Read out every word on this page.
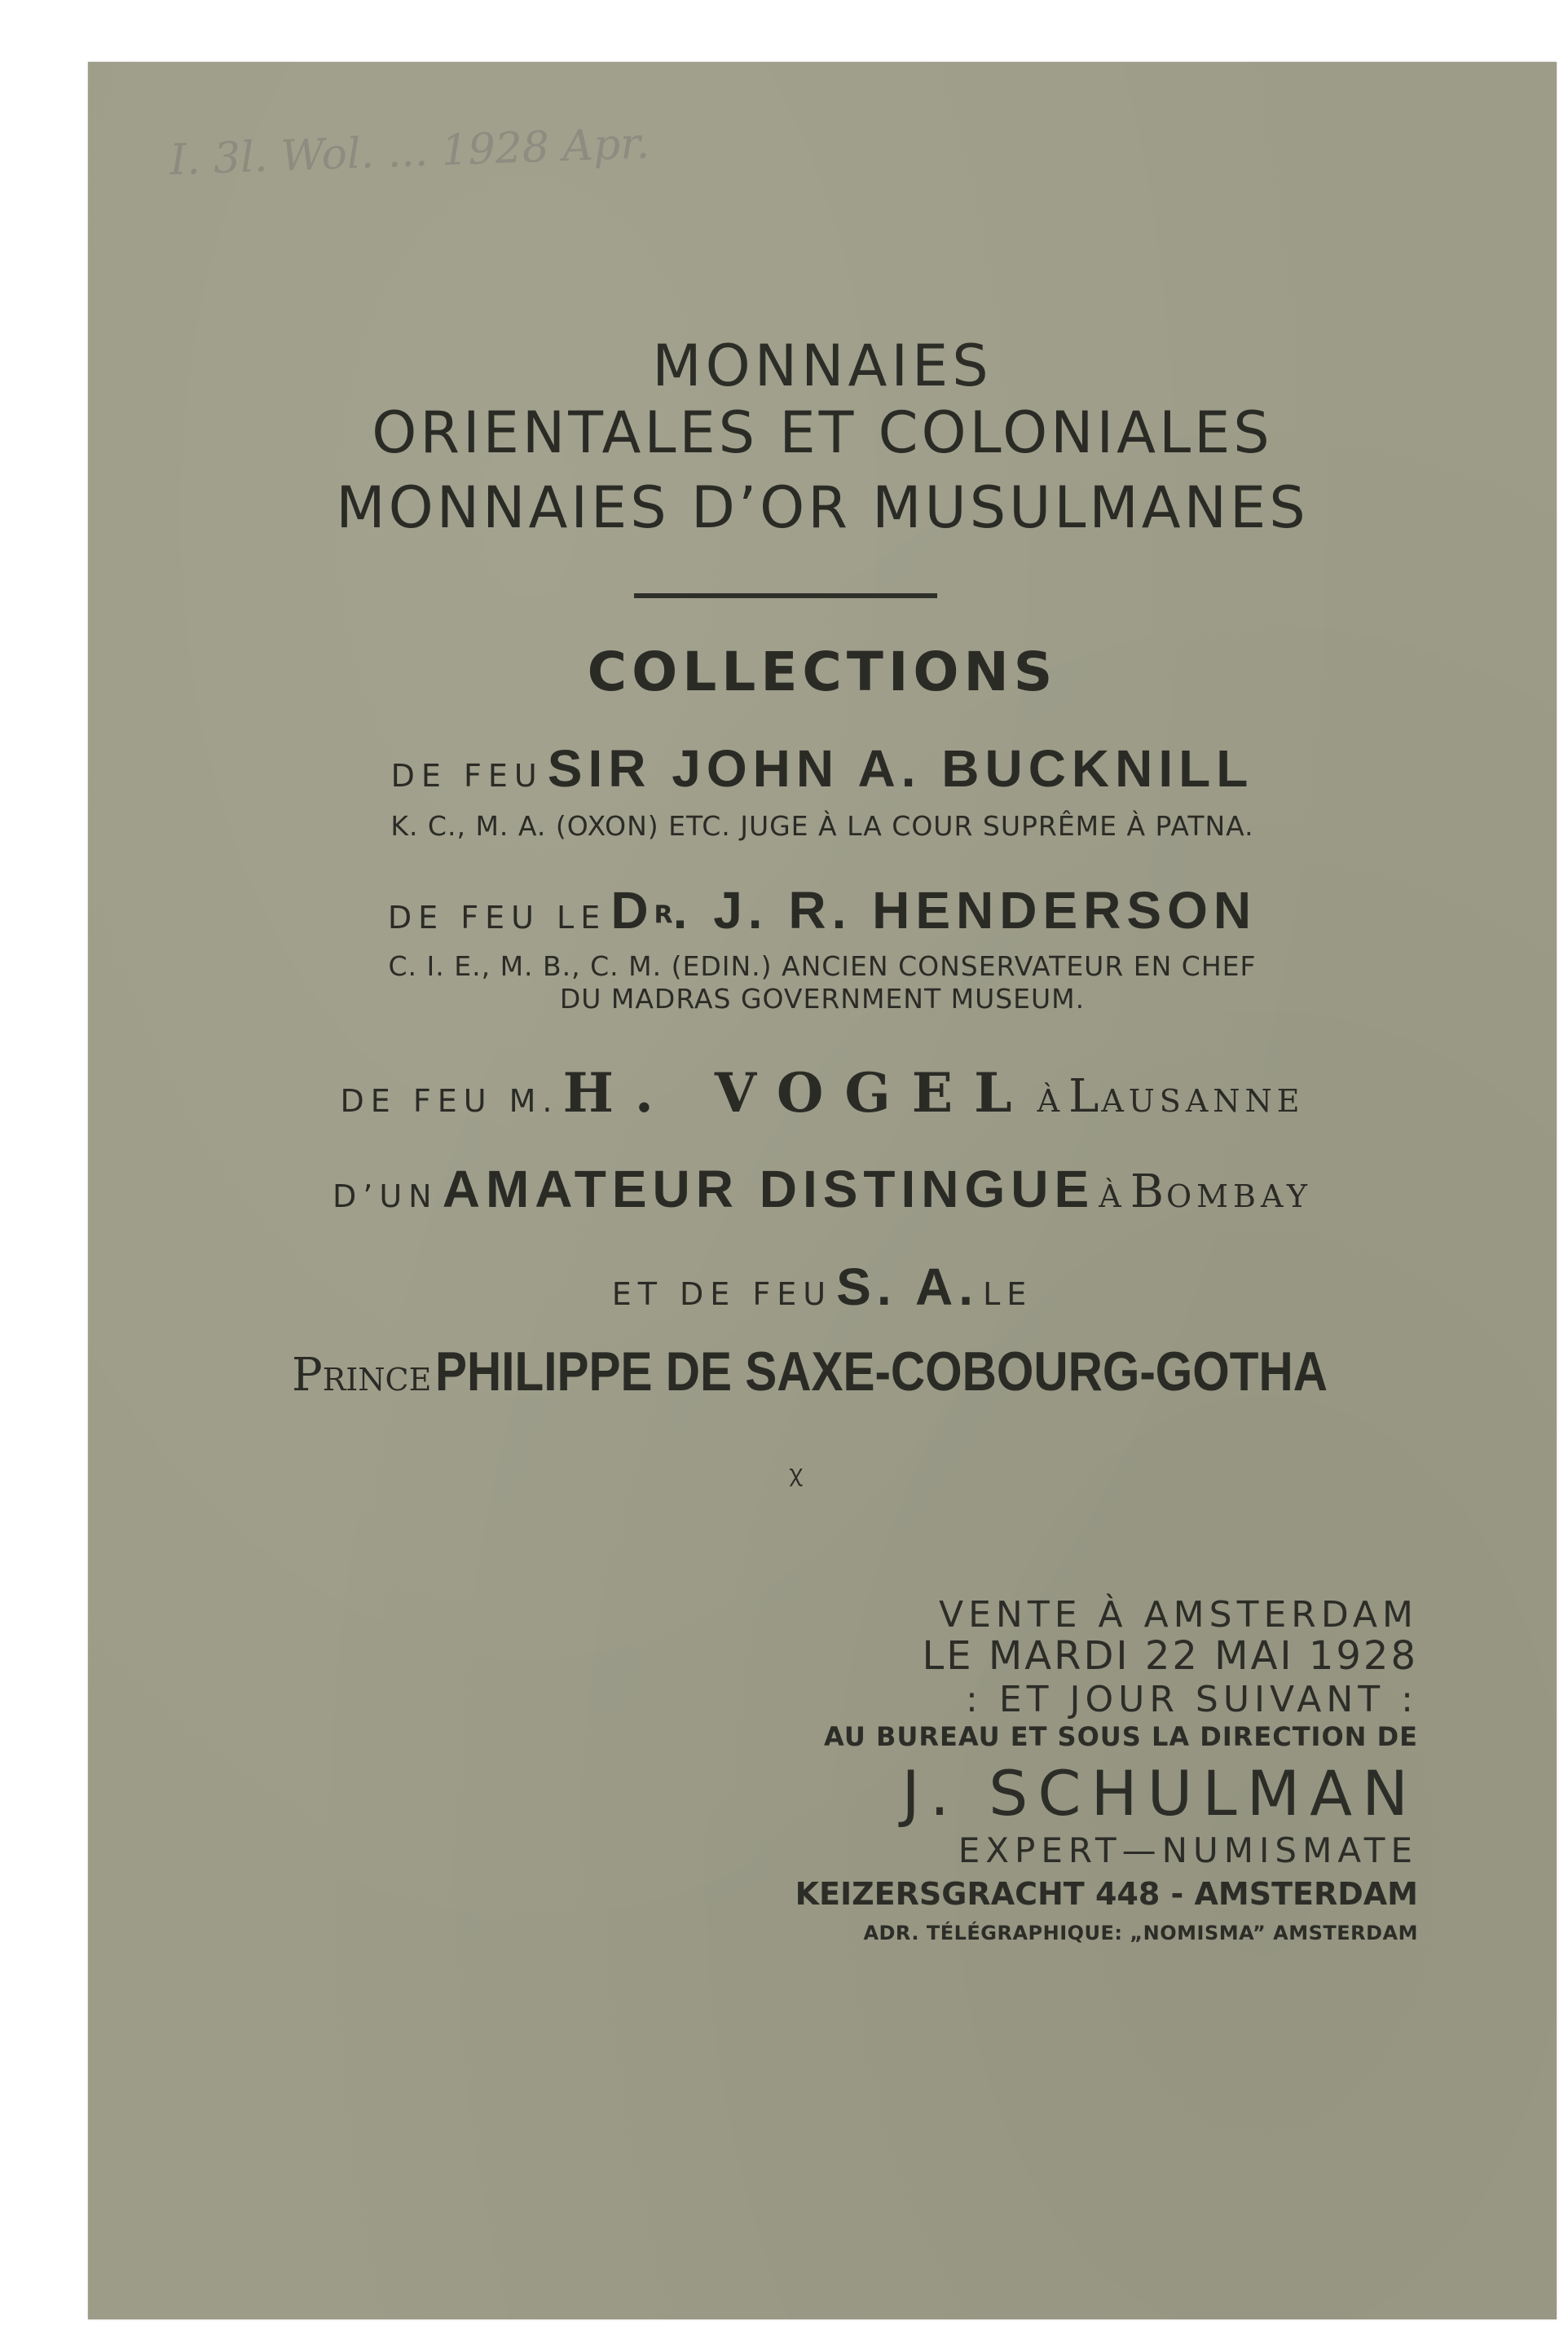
I. 3l. Wol. ... 1928 Apr.
MONNAIES
ORIENTALES ET COLONIALES
MONNAIES D’OR MUSULMANES
COLLECTIONS
DE FEU SIR JOHN A. BUCKNILL
K. C., M. A. (OXON) ETC. JUGE À LA COUR SUPRÊME À PATNA.
DE FEU LE $D^R$. J. R. HENDERSON
C. I. E., M. B., C. M. (EDIN.) ANCIEN CONSERVATEUR EN CHEF
DU MADRAS GOVERNMENT MUSEUM.
DE FEU M. H. VOGEL À LAUSANNE
D’UN AMATEUR DISTINGUE À BOMBAY
ET DE FEU S. A. LE
PRINCE PHILIPPE DE SAXE-COBOURG-GOTHA
ꭓ
VENTE À AMSTERDAM
LE MARDI 22 MAI 1928
: ET JOUR SUIVANT :
AU BUREAU ET SOUS LA DIRECTION DE
J. SCHULMAN
EXPERT—NUMISMATE
KEIZERSGRACHT 448 - AMSTERDAM
ADR. TÉLÉGRAPHIQUE: „NOMISMA” AMSTERDAM
